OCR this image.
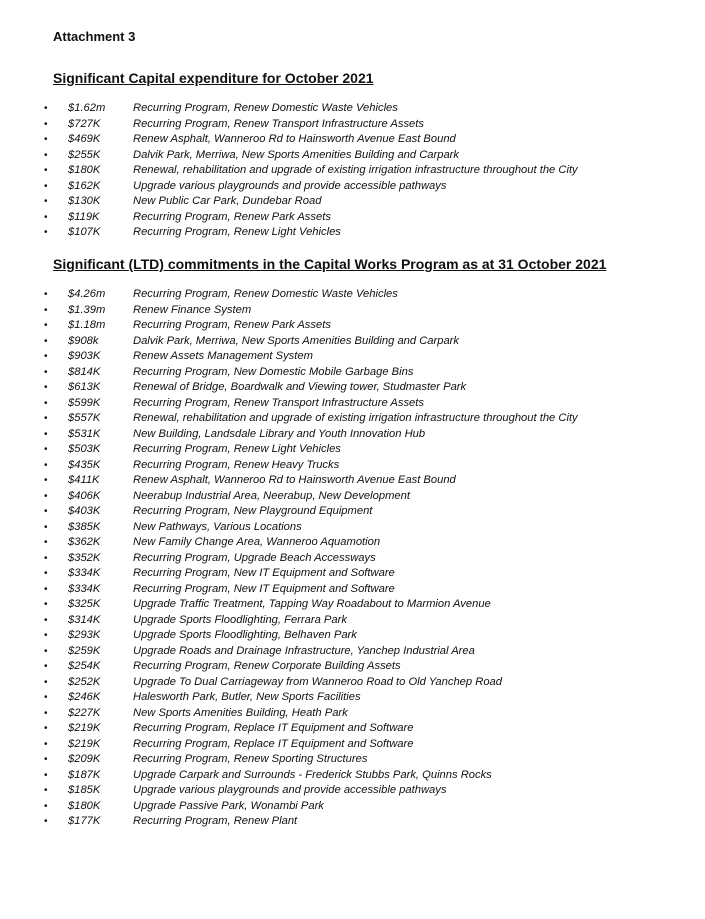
Attachment 3
Significant Capital expenditure for October 2021
• $1.62m Recurring Program, Renew Domestic Waste Vehicles
• $727K	Recurring Program, Renew Transport Infrastructure Assets
• $469K	Renew Asphalt, Wanneroo Rd to Hainsworth Avenue East Bound
• $255K	Dalvik Park, Merriwa, New Sports Amenities Building and Carpark
• $180K	Renewal, rehabilitation and upgrade of existing irrigation infrastructure throughout the City
• $162K	Upgrade various playgrounds and provide accessible pathways
• $130K	New Public Car Park, Dundebar Road
• $119K	Recurring Program, Renew Park Assets
• $107K	Recurring Program, Renew Light Vehicles
Significant (LTD) commitments in the Capital Works Program as at 31 October 2021
• $4.26m Recurring Program, Renew Domestic Waste Vehicles
• $1.39m Renew Finance System
• $1.18m Recurring Program, Renew Park Assets
• $908k	Dalvik Park, Merriwa, New Sports Amenities Building and Carpark
• $903K	Renew Assets Management System
• $814K	Recurring Program, New Domestic Mobile Garbage Bins
• $613K	Renewal of Bridge, Boardwalk and Viewing tower, Studmaster Park
• $599K	Recurring Program, Renew Transport Infrastructure Assets
• $557K	Renewal, rehabilitation and upgrade of existing irrigation infrastructure throughout the City
• $531K	New Building, Landsdale Library and Youth Innovation Hub
• $503K	Recurring Program, Renew Light Vehicles
• $435K	Recurring Program, Renew Heavy Trucks
• $411K	Renew Asphalt, Wanneroo Rd to Hainsworth Avenue East Bound
• $406K	Neerabup Industrial Area, Neerabup, New Development
• $403K	Recurring Program, New Playground Equipment
• $385K	New Pathways, Various Locations
• $362K	New Family Change Area, Wanneroo Aquamotion
• $352K	Recurring Program, Upgrade Beach Accessways
• $334K	Recurring Program, New IT Equipment and Software
• $334K	Recurring Program, New IT Equipment and Software
• $325K	Upgrade Traffic Treatment, Tapping Way Roadabout to Marmion Avenue
• $314K	Upgrade Sports Floodlighting, Ferrara Park
• $293K	Upgrade Sports Floodlighting, Belhaven Park
• $259K	Upgrade Roads and Drainage Infrastructure, Yanchep Industrial Area
• $254K	Recurring Program, Renew Corporate Building Assets
• $252K	Upgrade To Dual Carriageway from Wanneroo Road to Old Yanchep Road
• $246K	Halesworth Park, Butler, New Sports Facilities
• $227K	New Sports Amenities Building, Heath Park
• $219K	Recurring Program, Replace IT Equipment and Software
• $219K	Recurring Program, Replace IT Equipment and Software
• $209K	Recurring Program, Renew Sporting Structures
• $187K	Upgrade Carpark and Surrounds - Frederick Stubbs Park, Quinns Rocks
• $185K	Upgrade various playgrounds and provide accessible pathways
• $180K	Upgrade Passive Park, Wonambi Park
• $177K	Recurring Program, Renew Plant
